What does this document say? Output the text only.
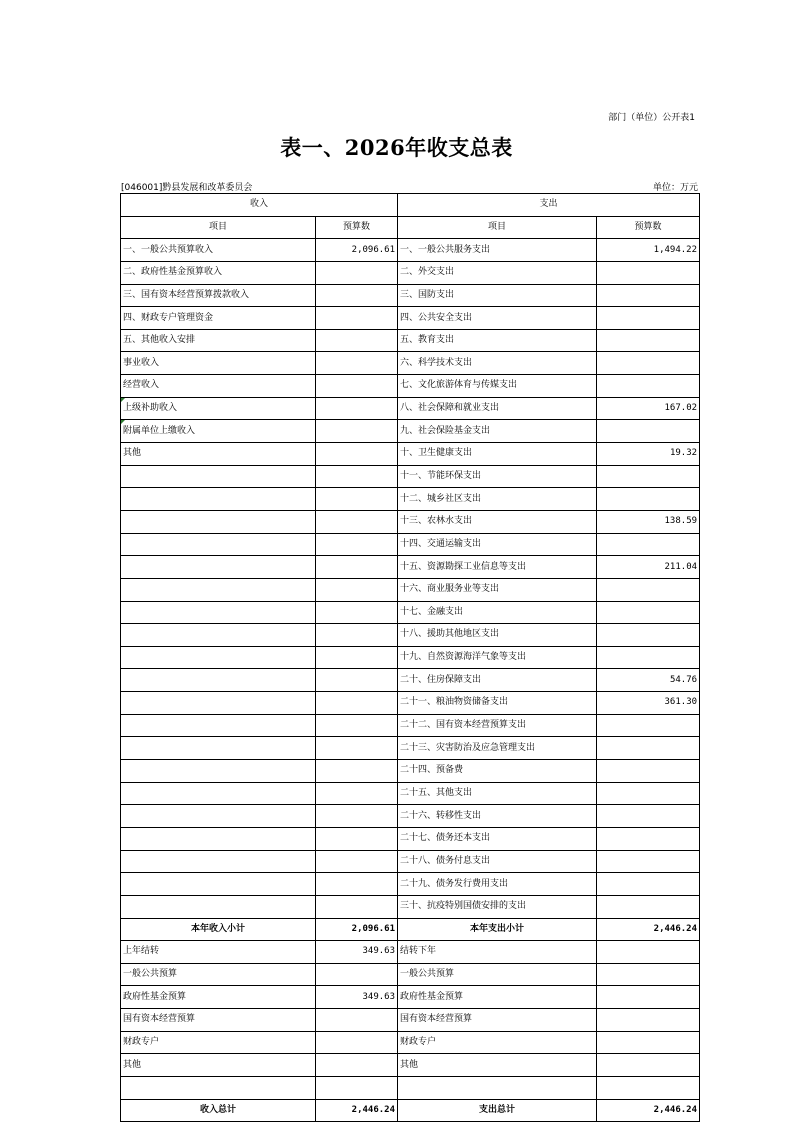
部门（单位）公开表1
表一、2026年收支总表
[046001]黔县发展和改革委员会	单位：万元
收入		支出	
项目	预算数	项目	预算数
一、一般公共预算收入	2,096.61	一、一般公共服务支出	1,494.22
二、政府性基金预算收入		二、外交支出	
三、国有资本经营预算拨款收入		三、国防支出	
四、财政专户管理资金		四、公共安全支出	
五、其他收入安排		五、教育支出	
事业收入		六、科学技术支出	
经营收入		七、文化旅游体育与传媒支出	
上级补助收入		八、社会保障和就业支出	167.02
附属单位上缴收入		九、社会保险基金支出	
其他		十、卫生健康支出	19.32
		十一、节能环保支出	
		十二、城乡社区支出	
		十三、农林水支出	138.59
		十四、交通运输支出	
		十五、资源勘探工业信息等支出	211.04
		十六、商业服务业等支出	
		十七、金融支出	
		十八、援助其他地区支出	
		十九、自然资源海洋气象等支出	
		二十、住房保障支出	54.76
		二十一、粮油物资储备支出	361.30
		二十二、国有资本经营预算支出	
		二十三、灾害防治及应急管理支出	
		二十四、预备费	
		二十五、其他支出	
		二十六、转移性支出	
		二十七、债务还本支出	
		二十八、债务付息支出	
		二十九、债务发行费用支出	
		三十、抗疫特别国债安排的支出	
本年收入小计	2,096.61	本年支出小计	2,446.24
上年结转	349.63	结转下年	
一般公共预算		一般公共预算	
政府性基金预算	349.63	政府性基金预算	
国有资本经营预算		国有资本经营预算	
财政专户		财政专户	
其他		其他	

收入总计	2,446.24	支出总计	2,446.24
